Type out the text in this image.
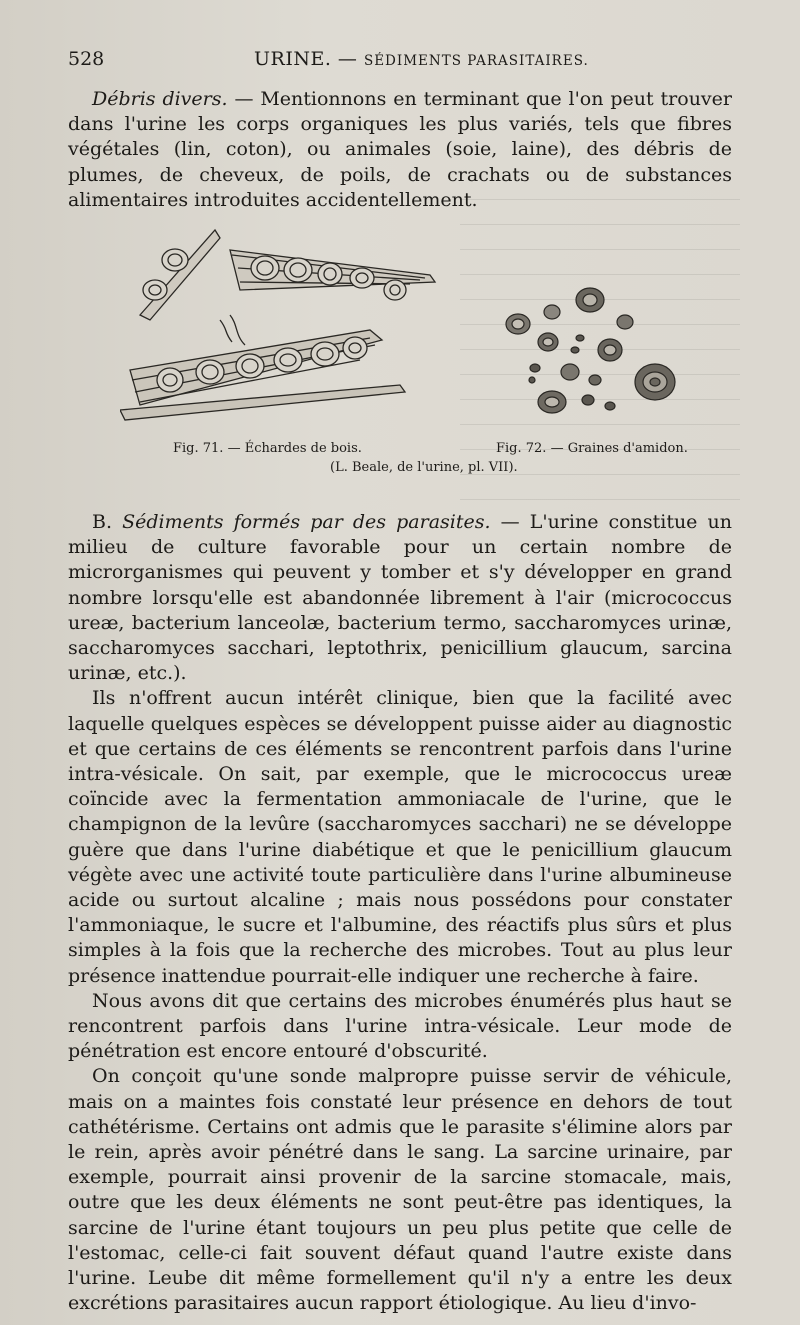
528	URINE. — SÉDIMENTS PARASITAIRES.

Débris divers. — Mentionnons en terminant que l'on peut trouver dans l'urine les corps organiques les plus variés, tels que fibres végétales (lin, coton), ou animales (soie, laine), des débris de plumes, de cheveux, de poils, de crachats ou de substances alimentaires introduites accidentellement.

Fig. 71. — Échardes de bois.	Fig. 72. — Graines d'amidon.
(L. Beale, de l'urine, pl. VII).

B. Sédiments formés par des parasites. — L'urine constitue un milieu de culture favorable pour un certain nombre de microrganismes qui peuvent y tomber et s'y développer en grand nombre lorsqu'elle est abandonnée librement à l'air (micrococcus ureæ, bacterium lanceolæ, bacterium termo, saccharomyces urinæ, saccharomyces sacchari, leptothrix, penicillium glaucum, sarcina urinæ, etc.).

Ils n'offrent aucun intérêt clinique, bien que la facilité avec laquelle quelques espèces se développent puisse aider au diagnostic et que certains de ces éléments se rencontrent parfois dans l'urine intra-vésicale. On sait, par exemple, que le micrococcus ureæ coïncide avec la fermentation ammoniacale de l'urine, que le champignon de la levûre (saccharomyces sacchari) ne se développe guère que dans l'urine diabétique et que le penicillium glaucum végète avec une activité toute particulière dans l'urine albumineuse acide ou surtout alcaline ; mais nous possédons pour constater l'ammoniaque, le sucre et l'albumine, des réactifs plus sûrs et plus simples à la fois que la recherche des microbes. Tout au plus leur présence inattendue pourrait-elle indiquer une recherche à faire.

Nous avons dit que certains des microbes énumérés plus haut se rencontrent parfois dans l'urine intra-vésicale. Leur mode de pénétration est encore entouré d'obscurité.

On conçoit qu'une sonde malpropre puisse servir de véhicule, mais on a maintes fois constaté leur présence en dehors de tout cathétérisme. Certains ont admis que le parasite s'élimine alors par le rein, après avoir pénétré dans le sang. La sarcine urinaire, par exemple, pourrait ainsi provenir de la sarcine stomacale, mais, outre que les deux éléments ne sont peut-être pas identiques, la sarcine de l'urine étant toujours un peu plus petite que celle de l'estomac, celle-ci fait souvent défaut quand l'autre existe dans l'urine. Leube dit même formellement qu'il n'y a entre les deux excrétions parasitaires aucun rapport étiologique. Au lieu d'invo-
